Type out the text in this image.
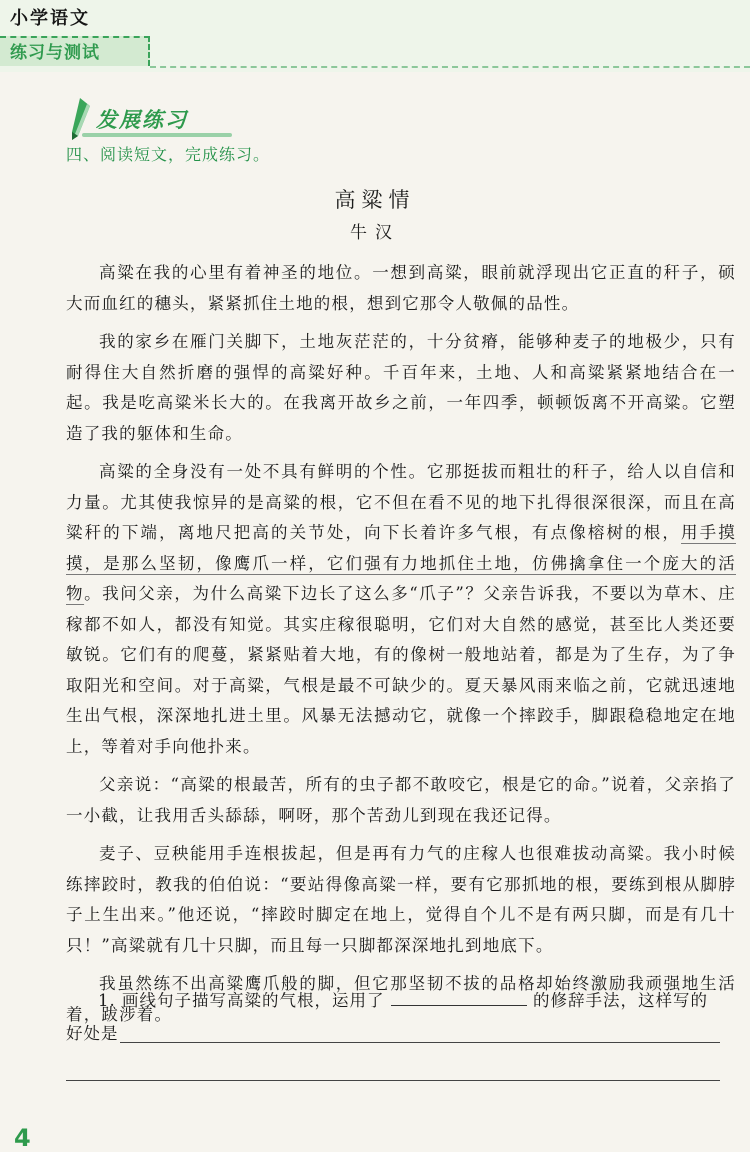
小学语文
练习与测试
发展练习
四、阅读短文，完成练习。
高粱情
牛汉

高粱在我的心里有着神圣的地位。一想到高粱，眼前就浮现出它正直的秆子，硕大而血红的穗头，紧紧抓住土地的根，想到它那令人敬佩的品性。

我的家乡在雁门关脚下，土地灰茫茫的，十分贫瘠，能够种麦子的地极少，只有耐得住大自然折磨的强悍的高粱好种。千百年来，土地、人和高粱紧紧地结合在一起。我是吃高粱米长大的。在我离开故乡之前，一年四季，顿顿饭离不开高粱。它塑造了我的躯体和生命。

高粱的全身没有一处不具有鲜明的个性。它那挺拔而粗壮的秆子，给人以自信和力量。尤其使我惊异的是高粱的根，它不但在看不见的地下扎得很深很深，而且在高粱秆的下端，离地尺把高的关节处，向下长着许多气根，有点像榕树的根，用手摸摸，是那么坚韧，像鹰爪一样，它们强有力地抓住土地，仿佛擒拿住一个庞大的活物。我问父亲，为什么高粱下边长了这么多“爪子”？父亲告诉我，不要以为草木、庄稼都不如人，都没有知觉。其实庄稼很聪明，它们对大自然的感觉，甚至比人类还要敏锐。它们有的爬蔓，紧紧贴着大地，有的像树一般地站着，都是为了生存，为了争取阳光和空间。对于高粱，气根是最不可缺少的。夏天暴风雨来临之前，它就迅速地生出气根，深深地扎进土里。风暴无法撼动它，就像一个摔跤手，脚跟稳稳地定在地上，等着对手向他扑来。

父亲说：“高粱的根最苦，所有的虫子都不敢咬它，根是它的命。”说着，父亲掐了一小截，让我用舌头舔舔，啊呀，那个苦劲儿到现在我还记得。

麦子、豆秧能用手连根拔起，但是再有力气的庄稼人也很难拔动高粱。我小时候练摔跤时，教我的伯伯说：“要站得像高粱一样，要有它那抓地的根，要练到根从脚脖子上生出来。”他还说，“摔跤时脚定在地上，觉得自个儿不是有两只脚，而是有几十只！”高粱就有几十只脚，而且每一只脚都深深地扎到地底下。

我虽然练不出高粱鹰爪般的脚，但它那坚韧不拔的品格却始终激励我顽强地生活着，跋涉着。

1. 画线句子描写高粱的气根，运用了	的修辞手法，这样写的
好处是
4
